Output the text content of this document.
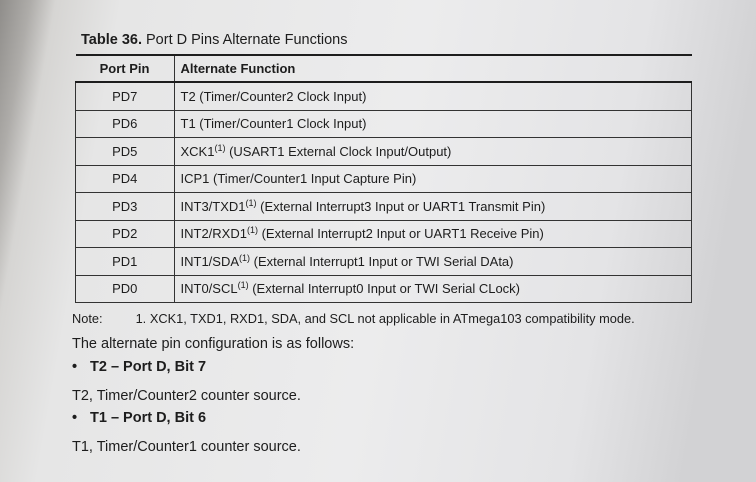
Table 36. Port D Pins Alternate Functions
Port Pin	Alternate Function
PD7	T2 (Timer/Counter2 Clock Input)
PD6	T1 (Timer/Counter1 Clock Input)
PD5	XCK1$^{(1)}$ (USART1 External Clock Input/Output)
PD4	ICP1 (Timer/Counter1 Input Capture Pin)
PD3	INT3/TXD1$^{(1)}$ (External Interrupt3 Input or UART1 Transmit Pin)
PD2	INT2/RXD1$^{(1)}$ (External Interrupt2 Input or UART1 Receive Pin)
PD1	INT1/SDA$^{(1)}$ (External Interrupt1 Input or TWI Serial DAta)
PD0	INT0/SCL$^{(1)}$ (External Interrupt0 Input or TWI Serial CLock)
Note:	1. XCK1, TXD1, RXD1, SDA, and SCL not applicable in ATmega103 compatibility mode.
The alternate pin configuration is as follows:
• T2 – Port D, Bit 7
T2, Timer/Counter2 counter source.
• T1 – Port D, Bit 6
T1, Timer/Counter1 counter source.
